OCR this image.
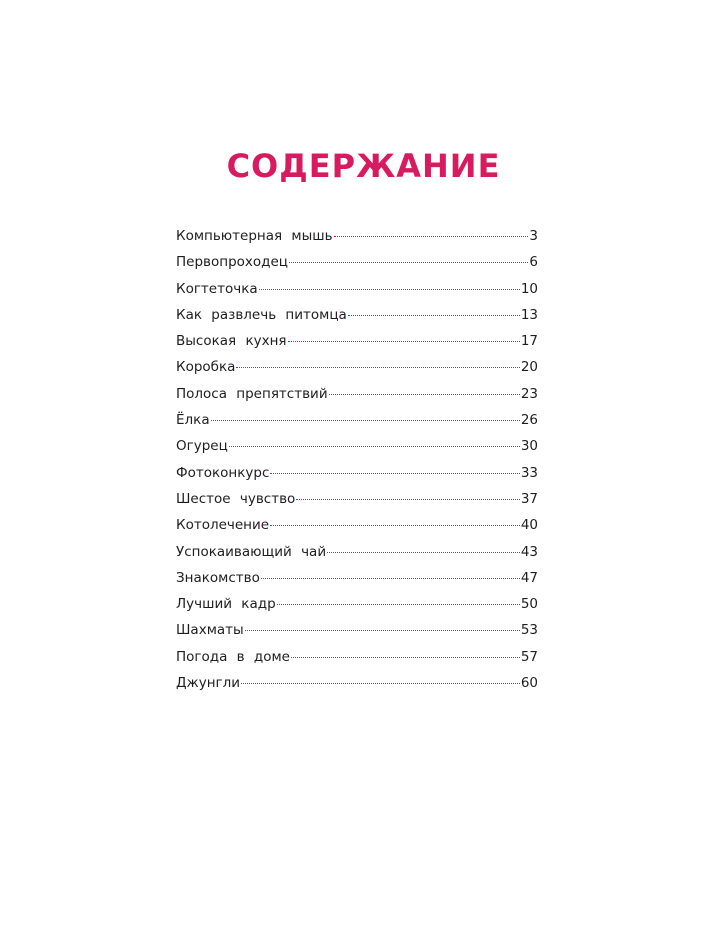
СОДЕРЖАНИЕ
Компьютерная мышь	3
Первопроходец	6
Когтеточка	10
Как развлечь питомца	13
Высокая кухня	17
Коробка	20
Полоса препятствий	23
Ёлка	26
Огурец	30
Фотоконкурс	33
Шестое чувство	37
Котолечение	40
Успокаивающий чай	43
Знакомство	47
Лучший кадр	50
Шахматы	53
Погода в доме	57
Джунгли	60
